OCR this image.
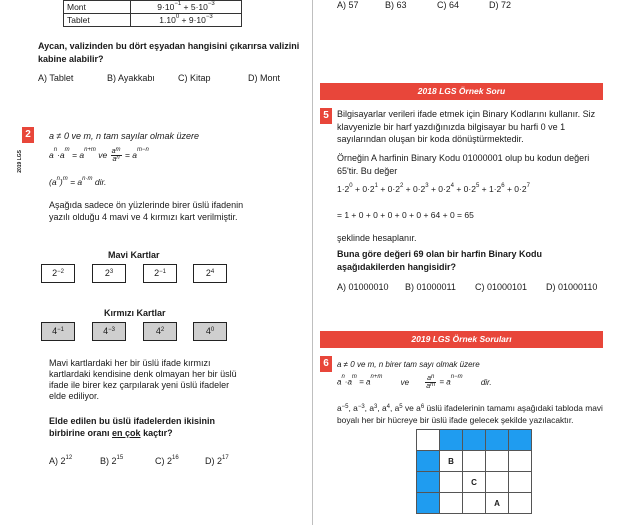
Mont	$9\cdot 10^{-1} + 5\cdot 10^{-3}$
Tablet	$1.10^0 + 9\cdot 10^{-3}$
Aycan, valizinden bu dört eşyadan hangisini çıkarırsa valizini kabine alabilir?
A) Tablet	B) Ayakkabı	C) Kitap	D) Mont
2
2019 LGS
a ≠ 0 ve m, n tam sayılar olmak üzere
$a^n\cdot a^m = a^{n+m}$ ve $\frac{a^m}{a^n} = a^{m-n}$
$(a^n)^m = a^{n\cdot m}$ dir.
Aşağıda sadece ön yüzlerinde birer üslü ifadenin yazılı olduğu 4 mavi ve 4 kırmızı kart verilmiştir.
Mavi Kartlar
$2^{-2}$	$2^3$	$2^{-1}$	$2^4$
Kırmızı Kartlar
$4^{-1}$	$4^{-3}$	$4^2$	$4^0$
Mavi kartlardaki her bir üslü ifade kırmızı kartlardaki kendisine denk olmayan her bir üslü ifade ile birer kez çarpılarak yeni üslü ifadeler elde ediliyor.
Elde edilen bu üslü ifadelerden ikisinin birbirine oranı en çok kaçtır?
A) $2^{12}$	B) $2^{15}$	C) $2^{16}$	D) $2^{17}$
A) 57	B) 63	C) 64	D) 72
2018 LGS Örnek Soru
5 Bilgisayarlar verileri ifade etmek için Binary Kodlarını kullanır. Siz klavyenizle bir harf yazdığınızda bilgisayar bu harfi 0 ve 1 sayılarından oluşan bir koda dönüştürmektedir.
Örneğin A harfinin Binary Kodu 01000001 olup bu kodun değeri 65'tir. Bu değer
$1\cdot 2^0 + 0\cdot 2^1 + 0\cdot 2^2 + 0\cdot 2^3 + 0\cdot 2^4 + 0\cdot 2^5 + 1\cdot 2^6 + 0\cdot 2^7$
= 1 + 0 + 0 + 0 + 0 + 0 + 64 + 0 = 65
şeklinde hesaplanır.
Buna göre değeri 69 olan bir harfin Binary Kodu aşağıdakilerden hangisidir?
A) 01000010 B) 01000011 C) 01000101 D) 01000110
2019 LGS Örnek Soruları
6	a ≠ 0 ve m, n birer tam sayı olmak üzere
$a^n\cdot a^m = a^{n+m}$ ve $\frac{a^n}{a^m} = a^{n-m}$ dir.
$a^{-5}$, $a^{-3}$, $a^3$, $a^4$, $a^5$ ve $a^6$ üslü ifadelerinin tamamı aşağıdaki tabloda mavi boyalı her bir hücreye bir üslü ifade gelecek şekilde yazılacaktır.

	B			
		C		
			A	
